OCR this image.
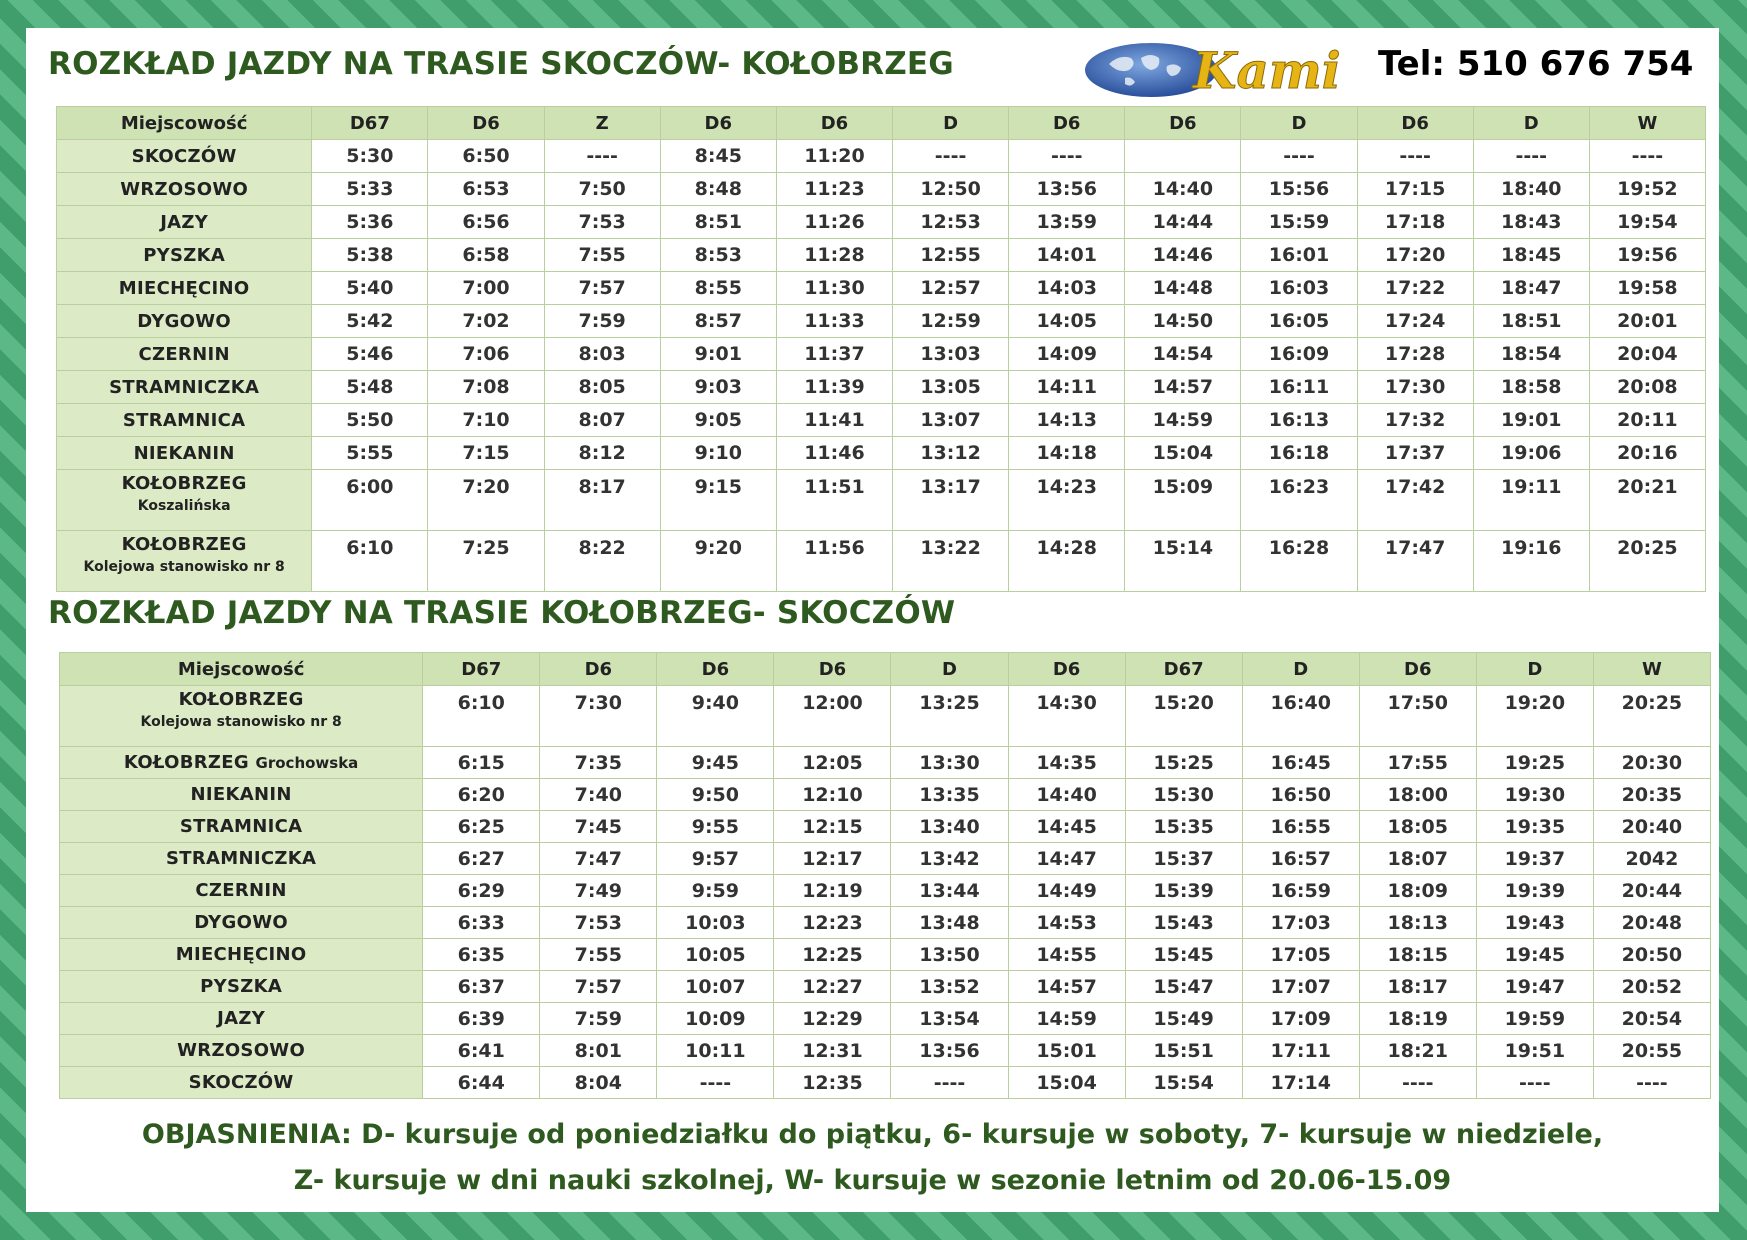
ROZKŁAD JAZDY NA TRASIE SKOCZÓW- KOŁOBRZEG	Kami Tel: 510 676 754
Miejscowość	D67	D6	Z	D6	D6	D	D6	D6	D	D6	D	W
SKOCZÓW	5:30	6:50	----	8:45	11:20	----	----		----	----	----	----
WRZOSOWO	5:33	6:53	7:50	8:48	11:23	12:50	13:56	14:40	15:56	17:15	18:40	19:52
JAZY	5:36	6:56	7:53	8:51	11:26	12:53	13:59	14:44	15:59	17:18	18:43	19:54
PYSZKA	5:38	6:58	7:55	8:53	11:28	12:55	14:01	14:46	16:01	17:20	18:45	19:56
MIECHĘCINO	5:40	7:00	7:57	8:55	11:30	12:57	14:03	14:48	16:03	17:22	18:47	19:58
DYGOWO	5:42	7:02	7:59	8:57	11:33	12:59	14:05	14:50	16:05	17:24	18:51	20:01
CZERNIN	5:46	7:06	8:03	9:01	11:37	13:03	14:09	14:54	16:09	17:28	18:54	20:04
STRAMNICZKA	5:48	7:08	8:05	9:03	11:39	13:05	14:11	14:57	16:11	17:30	18:58	20:08
STRAMNICA	5:50	7:10	8:07	9:05	11:41	13:07	14:13	14:59	16:13	17:32	19:01	20:11
NIEKANIN	5:55	7:15	8:12	9:10	11:46	13:12	14:18	15:04	16:18	17:37	19:06	20:16
KOŁOBRZEG
Koszalińska	6:00	7:20	8:17	9:15	11:51	13:17	14:23	15:09	16:23	17:42	19:11	20:21
KOŁOBRZEG
Kolejowa stanowisko nr 8	6:10	7:25	8:22	9:20	11:56	13:22	14:28	15:14	16:28	17:47	19:16	20:25
ROZKŁAD JAZDY NA TRASIE KOŁOBRZEG- SKOCZÓW
Miejscowość	D67	D6	D6	D6	D	D6	D67	D	D6	D	W
KOŁOBRZEG
Kolejowa stanowisko nr 8	6:10	7:30	9:40	12:00	13:25	14:30	15:20	16:40	17:50	19:20	20:25
KOŁOBRZEG Grochowska	6:15	7:35	9:45	12:05	13:30	14:35	15:25	16:45	17:55	19:25	20:30
NIEKANIN	6:20	7:40	9:50	12:10	13:35	14:40	15:30	16:50	18:00	19:30	20:35
STRAMNICA	6:25	7:45	9:55	12:15	13:40	14:45	15:35	16:55	18:05	19:35	20:40
STRAMNICZKA	6:27	7:47	9:57	12:17	13:42	14:47	15:37	16:57	18:07	19:37	2042
CZERNIN	6:29	7:49	9:59	12:19	13:44	14:49	15:39	16:59	18:09	19:39	20:44
DYGOWO	6:33	7:53	10:03	12:23	13:48	14:53	15:43	17:03	18:13	19:43	20:48
MIECHĘCINO	6:35	7:55	10:05	12:25	13:50	14:55	15:45	17:05	18:15	19:45	20:50
PYSZKA	6:37	7:57	10:07	12:27	13:52	14:57	15:47	17:07	18:17	19:47	20:52
JAZY	6:39	7:59	10:09	12:29	13:54	14:59	15:49	17:09	18:19	19:59	20:54
WRZOSOWO	6:41	8:01	10:11	12:31	13:56	15:01	15:51	17:11	18:21	19:51	20:55
SKOCZÓW	6:44	8:04	----	12:35	----	15:04	15:54	17:14	----	----	----
OBJASNIENIA: D- kursuje od poniedziałku do piątku, 6- kursuje w soboty, 7- kursuje w niedziele,
Z- kursuje w dni nauki szkolnej, W- kursuje w sezonie letnim od 20.06-15.09
